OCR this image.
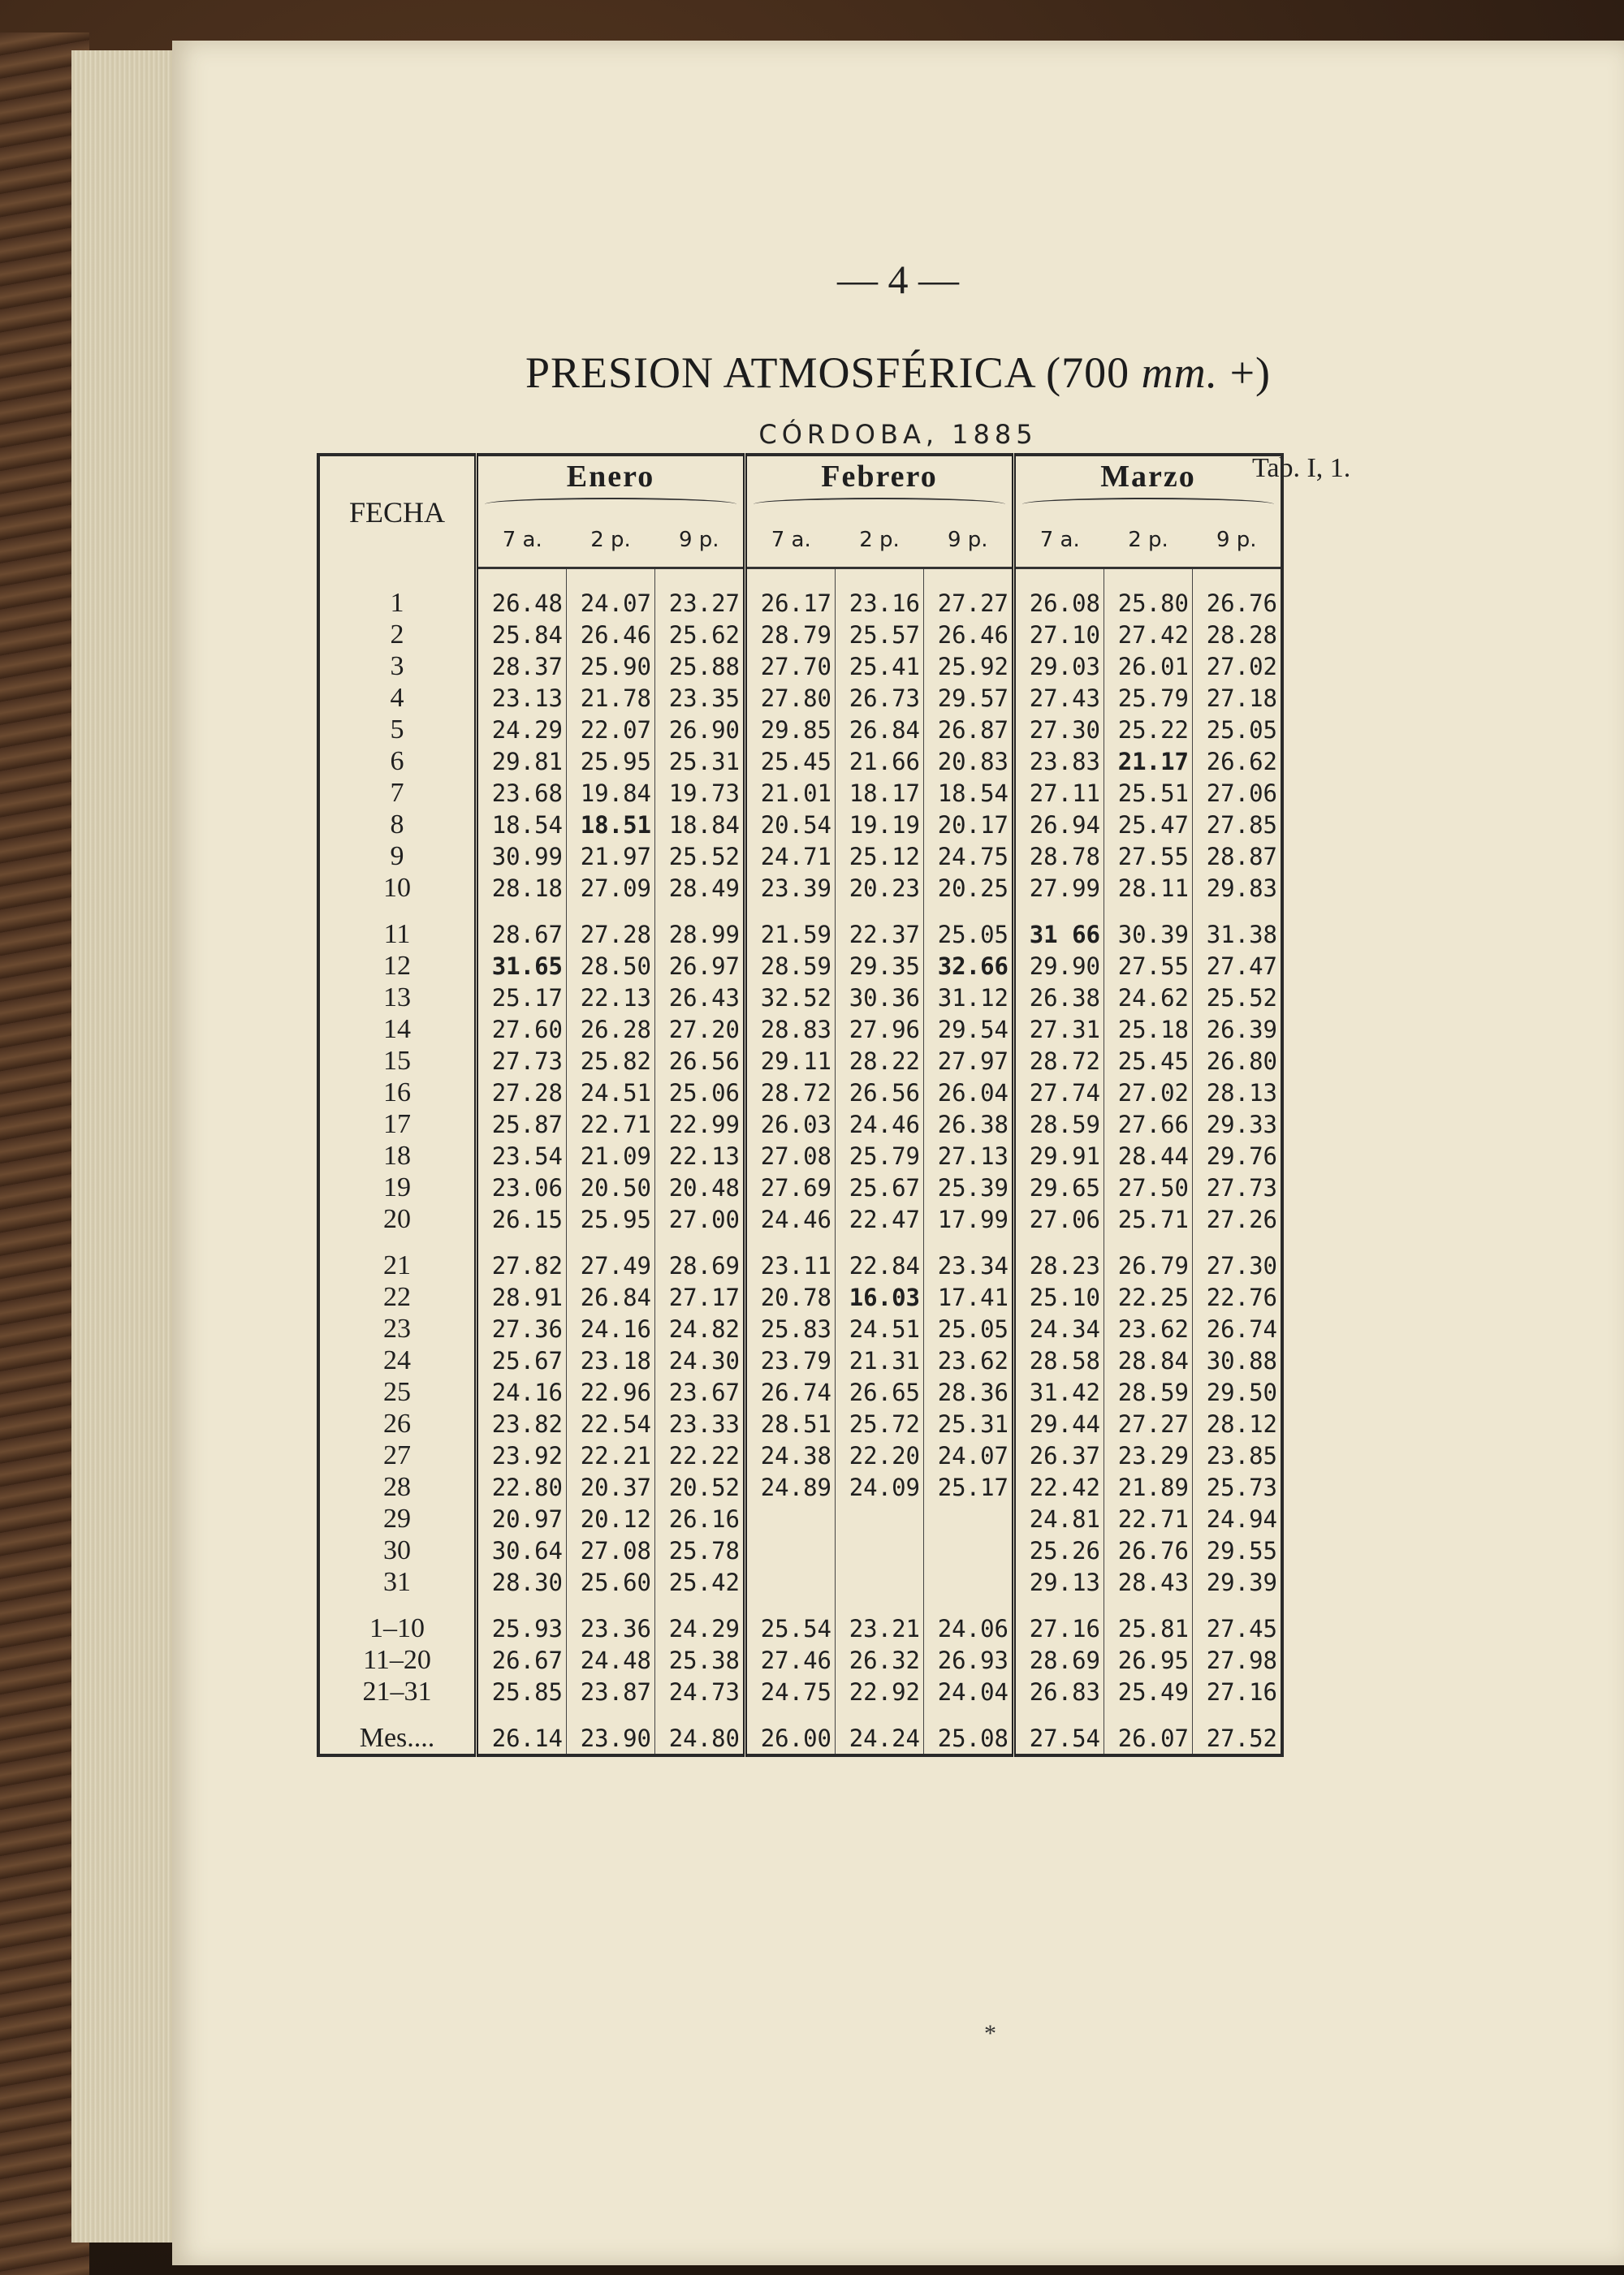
— 4 —
PRESION ATMOSFÉRICA (700 mm. +)
CÓRDOBA, 1885
Tab. I, 1.
*
FECHA	Enero			Febrero			Marzo		

	7 a.	2 p.	9 p.	7 a.	2 p.	9 p.	7 a.	2 p.	9 p.

1	26.48	24.07	23.27	26.17	23.16	27.27	26.08	25.80	26.76
2	25.84	26.46	25.62	28.79	25.57	26.46	27.10	27.42	28.28
3	28.37	25.90	25.88	27.70	25.41	25.92	29.03	26.01	27.02
4	23.13	21.78	23.35	27.80	26.73	29.57	27.43	25.79	27.18
5	24.29	22.07	26.90	29.85	26.84	26.87	27.30	25.22	25.05
6	29.81	25.95	25.31	25.45	21.66	20.83	23.83	21.17	26.62
7	23.68	19.84	19.73	21.01	18.17	18.54	27.11	25.51	27.06
8	18.54	18.51	18.84	20.54	19.19	20.17	26.94	25.47	27.85
9	30.99	21.97	25.52	24.71	25.12	24.75	28.78	27.55	28.87
10	28.18	27.09	28.49	23.39	20.23	20.25	27.99	28.11	29.83

11	28.67	27.28	28.99	21.59	22.37	25.05	31 66	30.39	31.38
12	31.65	28.50	26.97	28.59	29.35	32.66	29.90	27.55	27.47
13	25.17	22.13	26.43	32.52	30.36	31.12	26.38	24.62	25.52
14	27.60	26.28	27.20	28.83	27.96	29.54	27.31	25.18	26.39
15	27.73	25.82	26.56	29.11	28.22	27.97	28.72	25.45	26.80
16	27.28	24.51	25.06	28.72	26.56	26.04	27.74	27.02	28.13
17	25.87	22.71	22.99	26.03	24.46	26.38	28.59	27.66	29.33
18	23.54	21.09	22.13	27.08	25.79	27.13	29.91	28.44	29.76
19	23.06	20.50	20.48	27.69	25.67	25.39	29.65	27.50	27.73
20	26.15	25.95	27.00	24.46	22.47	17.99	27.06	25.71	27.26

21	27.82	27.49	28.69	23.11	22.84	23.34	28.23	26.79	27.30
22	28.91	26.84	27.17	20.78	16.03	17.41	25.10	22.25	22.76
23	27.36	24.16	24.82	25.83	24.51	25.05	24.34	23.62	26.74
24	25.67	23.18	24.30	23.79	21.31	23.62	28.58	28.84	30.88
25	24.16	22.96	23.67	26.74	26.65	28.36	31.42	28.59	29.50
26	23.82	22.54	23.33	28.51	25.72	25.31	29.44	27.27	28.12
27	23.92	22.21	22.22	24.38	22.20	24.07	26.37	23.29	23.85
28	22.80	20.37	20.52	24.89	24.09	25.17	22.42	21.89	25.73
29	20.97	20.12	26.16				24.81	22.71	24.94
30	30.64	27.08	25.78				25.26	26.76	29.55
31	28.30	25.60	25.42				29.13	28.43	29.39

1–10	25.93	23.36	24.29	25.54	23.21	24.06	27.16	25.81	27.45
11–20	26.67	24.48	25.38	27.46	26.32	26.93	28.69	26.95	27.98
21–31	25.85	23.87	24.73	24.75	22.92	24.04	26.83	25.49	27.16

Mes....	26.14	23.90	24.80	26.00	24.24	25.08	27.54	26.07	27.52
